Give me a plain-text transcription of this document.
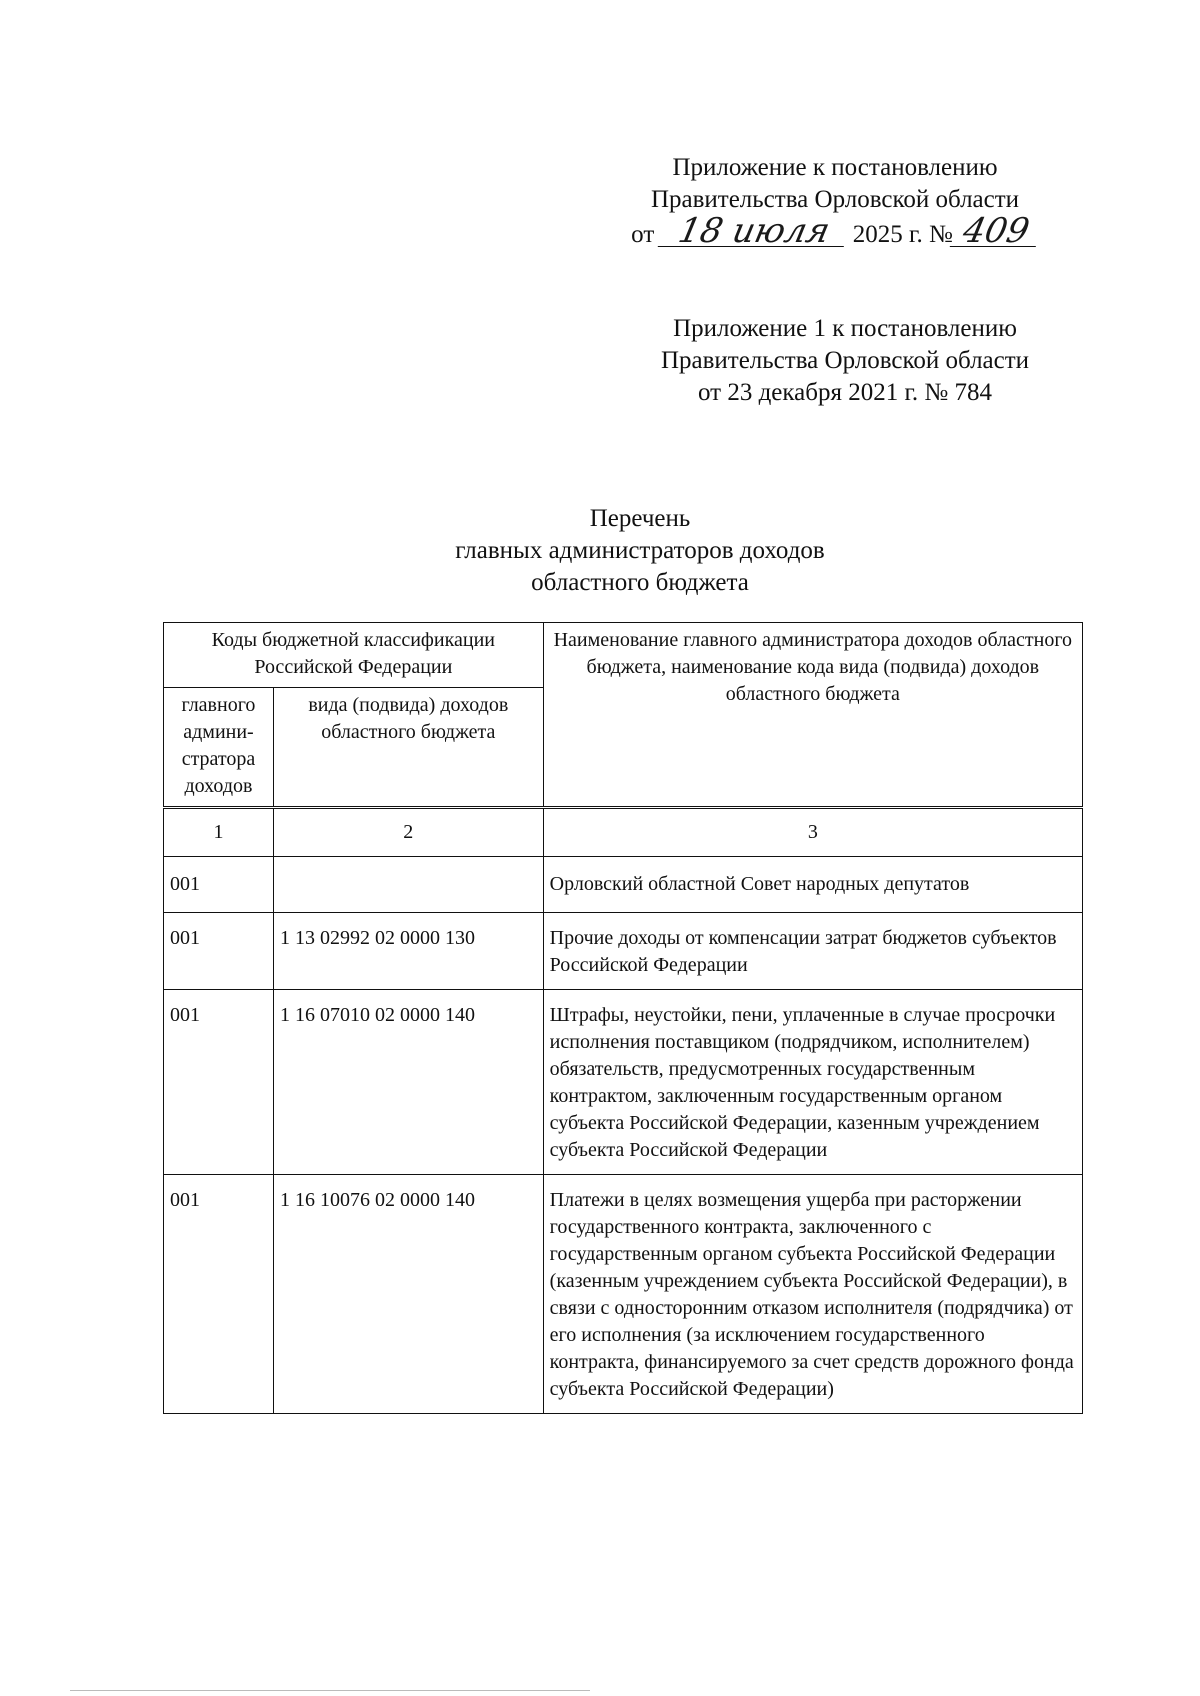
Приложение к постановлению
Правительства Орловской области
от 18 июля 2025 г. № 409
Приложение 1 к постановлению
Правительства Орловской области
от 23 декабря 2021 г. № 784
Перечень
главных администраторов доходов
областного бюджета
Коды бюджетной классификации Российской Федерации		Наименование главного администратора доходов областного бюджета, наименование кода вида (подвида) доходов областного бюджета
главного админи-стратора доходов	вида (подвида) доходов областного бюджета	
1	2	3
001		Орловский областной Совет народных депутатов
001	1 13 02992 02 0000 130	Прочие доходы от компенсации затрат бюджетов субъектов Российской Федерации
001	1 16 07010 02 0000 140	Штрафы, неустойки, пени, уплаченные в случае просрочки исполнения поставщиком (подрядчиком, исполнителем) обязательств, предусмотренных государственным контрактом, заключенным государственным органом субъекта Российской Федерации, казенным учреждением субъекта Российской Федерации
001	1 16 10076 02 0000 140	Платежи в целях возмещения ущерба при расторжении государственного контракта, заключенного с государственным органом субъекта Российской Федерации (казенным учреждением субъекта Российской Федерации), в связи с односторонним отказом исполнителя (подрядчика) от его исполнения (за исключением государственного контракта, финансируемого за счет средств дорожного фонда субъекта Российской Федерации)
